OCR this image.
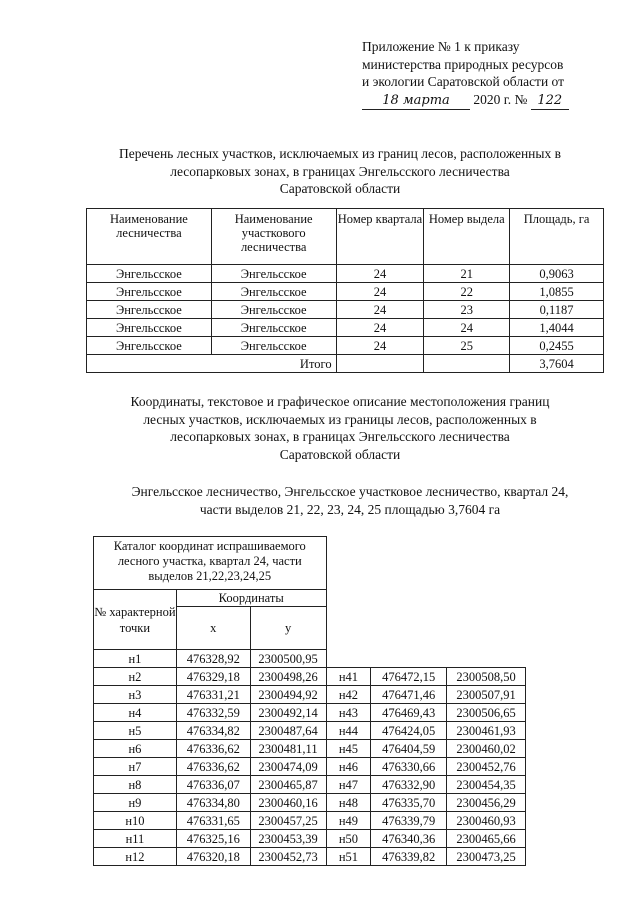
Приложение № 1 к приказу
министерства природных ресурсов
и экологии Саратовской области от
18 марта 2020 г. № 122
Перечень лесных участков, исключаемых из границ лесов, расположенных в
лесопарковых зонах, в границах Энгельсского лесничества
Саратовской области
Наименование лесничества	Наименование участкового лесничества	Номер квартала	Номер выдела	Площадь, га
Энгельсское	Энгельсское	24	21	0,9063
Энгельсское	Энгельсское	24	22	1,0855
Энгельсское	Энгельсское	24	23	0,1187
Энгельсское	Энгельсское	24	24	1,4044
Энгельсское	Энгельсское	24	25	0,2455
Итого				3,7604
Координаты, текстовое и графическое описание местоположения границ
лесных участков, исключаемых из границы лесов, расположенных в
лесопарковых зонах, в границах Энгельсского лесничества
Саратовской области
Энгельсское лесничество, Энгельсское участковое лесничество, квартал 24,
части выделов 21, 22, 23, 24, 25 площадью 3,7604 га
Каталог координат испрашиваемого лесного участка, квартал 24, части выделов 21,22,23,24,25					
№ характерной точки	Координаты				
	x	y			
н1	476328,92	2300500,95			
н2	476329,18	2300498,26	н41	476472,15	2300508,50
н3	476331,21	2300494,92	н42	476471,46	2300507,91
н4	476332,59	2300492,14	н43	476469,43	2300506,65
н5	476334,82	2300487,64	н44	476424,05	2300461,93
н6	476336,62	2300481,11	н45	476404,59	2300460,02
н7	476336,62	2300474,09	н46	476330,66	2300452,76
н8	476336,07	2300465,87	н47	476332,90	2300454,35
н9	476334,80	2300460,16	н48	476335,70	2300456,29
н10	476331,65	2300457,25	н49	476339,79	2300460,93
н11	476325,16	2300453,39	н50	476340,36	2300465,66
н12	476320,18	2300452,73	н51	476339,82	2300473,25
